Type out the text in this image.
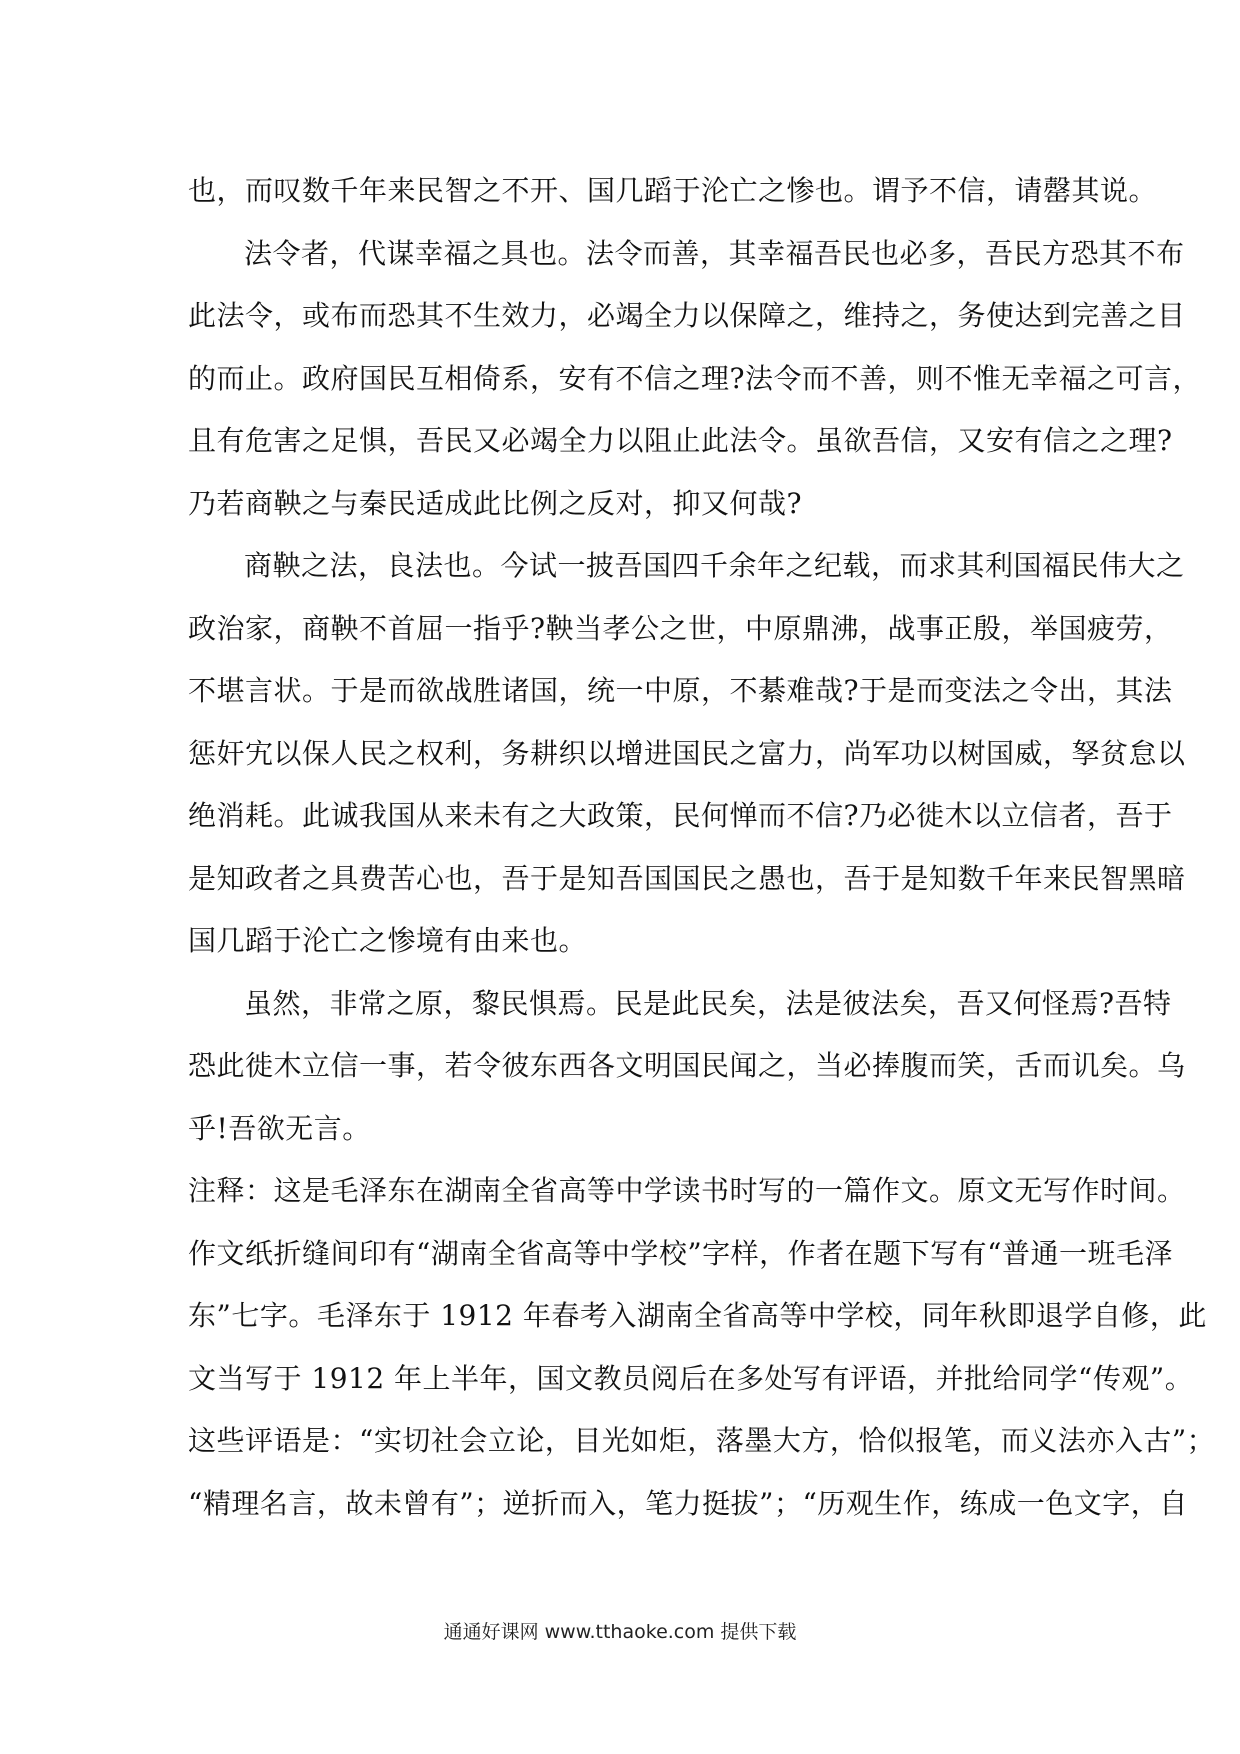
也，而叹数千年来民智之不开、国几蹈于沦亡之惨也。谓予不信，请罄其说。
法令者，代谋幸福之具也。法令而善，其幸福吾民也必多，吾民方恐其不布
此法令，或布而恐其不生效力，必竭全力以保障之，维持之，务使达到完善之目
的而止。政府国民互相倚系，安有不信之理?法令而不善，则不惟无幸福之可言，
且有危害之足惧，吾民又必竭全力以阻止此法令。虽欲吾信，又安有信之之理?
乃若商鞅之与秦民适成此比例之反对，抑又何哉?
商鞅之法，良法也。今试一披吾国四千余年之纪载，而求其利国福民伟大之
政治家，商鞅不首屈一指乎?鞅当孝公之世，中原鼎沸，战事正殷，举国疲劳，
不堪言状。于是而欲战胜诸国，统一中原，不綦难哉?于是而变法之令出，其法
惩奸宄以保人民之权利，务耕织以增进国民之富力，尚军功以树国威，孥贫怠以
绝消耗。此诚我国从来未有之大政策，民何惮而不信?乃必徙木以立信者，吾于
是知政者之具费苦心也，吾于是知吾国国民之愚也，吾于是知数千年来民智黑暗
国几蹈于沦亡之惨境有由来也。
虽然，非常之原，黎民惧焉。民是此民矣，法是彼法矣，吾又何怪焉?吾特
恐此徙木立信一事，若令彼东西各文明国民闻之，当必捧腹而笑，舌而讥矣。乌
乎!吾欲无言。
注释：这是毛泽东在湖南全省高等中学读书时写的一篇作文。原文无写作时间。
作文纸折缝间印有“湖南全省高等中学校”字样，作者在题下写有“普通一班毛泽
东”七字。毛泽东于 1912 年春考入湖南全省高等中学校，同年秋即退学自修，此
文当写于 1912 年上半年，国文教员阅后在多处写有评语，并批给同学“传观”。
这些评语是：“实切社会立论，目光如炬，落墨大方，恰似报笔，而义法亦入古”；
“精理名言，故未曾有”；逆折而入，笔力挺拔”；“历观生作，练成一色文字，自
通通好课网 www.tthaoke.com 提供下载
